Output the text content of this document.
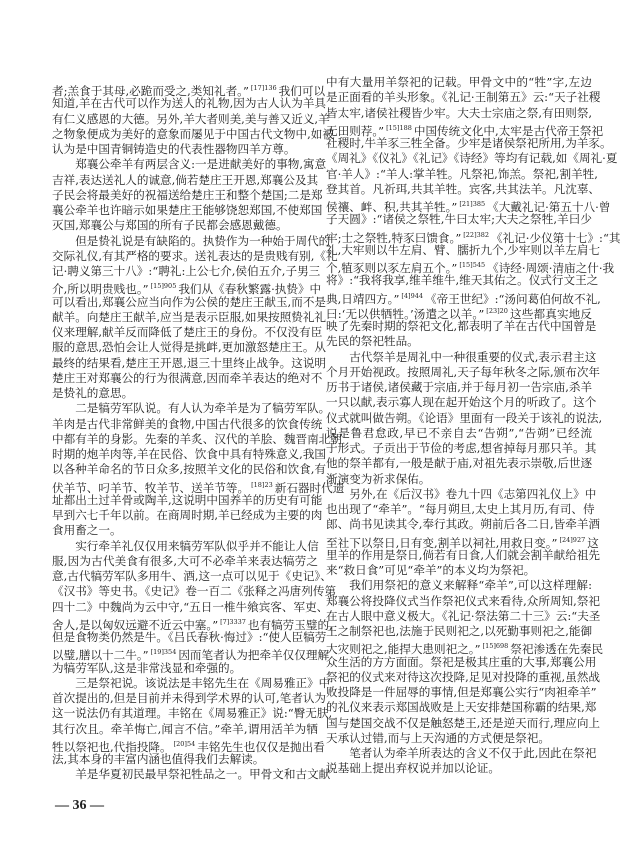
者;羔食于其母,必跪而受之,类知礼者。” $^{[17]136}$ 我们可以
知道,羊在古代可以作为送人的礼物,因为古人认为羊具
有仁义感恩的大德。另外,羊大者则美,美与善又近义,羊
之物象便成为美好的意象而屡见于中国古代文物中,如被
认为是中国青铜铸造史的代表性器物四羊方尊。
郑襄公牵羊有两层含义:一是进献美好的事物,寓意
吉祥,表达送礼人的诚意,倘若楚庄王开恩,郑襄公及其
子民会将最美好的祝福送给楚庄王和整个楚国;二是郑
襄公牵羊也许暗示如果楚庄王能够饶恕郑国,不使郑国
灭国,郑襄公与郑国的所有子民都会感恩戴德。
但是贽礼说是有缺陷的。执贽作为一种始于周代的
交际礼仪,有其严格的要求。送礼表达的是贵贱有别,《礼
记·聘义第三十八》:“聘礼:上公七介,侯伯五介,子男三
介,所以明贵贱也。” $^{[15]905}$ 我们从《春秋繁露·执贽》中
可以看出,郑襄公应当向作为公侯的楚庄王献玉,而不是
献羊。向楚庄王献羊,应当是表示臣服,如果按照贽礼礼
仪来理解,献羊反而降低了楚庄王的身份。不仅没有臣
服的意思,恐怕会让人觉得是挑衅,更加激怒楚庄王。从
最终的结果看,楚庄王开恩,退三十里终止战争。这说明
楚庄王对郑襄公的行为很满意,因而牵羊表达的绝对不
是贽礼的意思。
二是犒劳军队说。有人认为牵羊是为了犒劳军队。
羊肉是古代非常鲜美的食物,中国古代很多的饮食传统
中都有羊的身影。先秦的羊炙、汉代的羊脍、魏晋南北朝
时期的炮羊肉等,羊在民俗、饮食中具有特殊意义,我国
以各种羊命名的节日众多,按照羊文化的民俗和饮食,有
伏羊节、叼羊节、牧羊节、送羊节等。 $^{[18]23}$ 新石器时代遗
址都出土过羊骨或陶羊,这说明中国养羊的历史有可能
早到六七千年以前。在商周时期,羊已经成为主要的肉
食用畜之一。
实行牵羊礼仅仅用来犒劳军队似乎并不能让人信
服,因为古代美食有很多,大可不必牵羊来表达犒劳之
意,古代犒劳军队多用牛、酒,这一点可以见于《史记》、
《汉书》等史书。《史记》卷一百二《张释之冯唐列传第
四十二》中魏尚为云中守,“五日一椎牛飨宾客、军吏、
舍人,是以匈奴远避不近云中塞。” $^{[7]3337}$ 也有犒劳玉璧的,
但是食物类仍然是牛。《吕氏春秋·悔过》:“使人臣犒劳
以璧,膳以十二牛。” $^{[19]354}$ 因而笔者认为把牵羊仅仅理解
为犒劳军队,这是非常浅显和牵强的。
三是祭祀说。该说法是丰铭先生在《周易雅正》中
首次提出的,但是目前并未得到学术界的认可,笔者认为
这一说法仍有其道理。丰铭在《周易雅正》说:“臀无肤,
其行次且。牵羊悔亡,闻言不信。”牵羊,谓用活羊为牺
牲以祭祀也,代指投降。 $^{[20]54}$ 丰铭先生也仅仅是抛出看
法,其本身的丰富内涵也值得我们去解读。
羊是华夏初民最早祭祀牲品之一。甲骨文和古文献
中有大量用羊祭祀的记载。甲骨文中的“牲”字,左边
是正面看的羊头形象。《礼记·王制第五》云:“天子社稷
皆太牢,诸侯社稷皆少牢。大夫士宗庙之祭,有田则祭,
无田则荐。” $^{[15]188}$ 中国传统文化中,太牢是古代帝王祭祀
社稷时,牛羊豕三牲全备。少牢是诸侯祭祀所用,为羊豕。
《周礼》《仪礼》《礼记》《诗经》等均有记载,如《周礼·夏
官·羊人》:“羊人:掌羊牲。凡祭祀,饰羔。祭祀,割羊牲,
登其首。凡祈珥,共其羊牲。宾客,共其法羊。凡沈辜、
侯禳、衅、积,共其羊牲。” $^{[21]385}$ 《大戴礼记·第五十八·曾
子天圆》:“诸侯之祭牲,牛曰太牢;大夫之祭牲,羊曰少
牢;士之祭牲,特豕曰馈食。” $^{[22]382}$ 《礼记·少仪第十七》:“其
礼,大牢则以牛左肩、臂、臑折九个,少牢则以羊左肩七
个,犆豕则以豕左肩五个。” $^{[15]545}$ 《诗经·周颂·清庙之什·我
将》:“我将我享,维羊维牛,维天其佑之。仪式行文王之
典,日靖四方。” $^{[4]944}$ 《帝王世纪》:“汤问葛伯何故不礼,
曰:‘无以供牺牲。’汤遣之以羊。” $^{[23]20}$ 这些都真实地反
映了先秦时期的祭祀文化,都表明了羊在古代中国曾是
先民的祭祀牲品。
古代祭羊是周礼中一种很重要的仪式,表示君主这
个月开始视政。按照周礼,天子每年秋冬之际,颁布次年
历书于诸侯,诸侯藏于宗庙,并于每月初一告宗庙,杀羊
一只以献,表示寡人现在起开始这个月的听政了。这个
仪式就叫做告朔。《论语》里面有一段关于该礼的说法,
说是鲁君怠政,早已不亲自去“告朔”,“告朔”已经流
于形式。子贡出于节俭的考虑,想省掉每月那只羊。其
他的祭羊都有,一般是献于庙,对祖先表示崇敬,后世逐
渐演变为祈求保佑。
另外,在《后汉书》卷九十四《志第四礼仪上》中
也出现了“牵羊”。“每月朔旦,太史上其月历,有司、侍
郎、尚书见读其令,奉行其政。朔前后各二日,皆牵羊酒
至社下以祭日,日有变,割羊以祠社,用救日变。” $^{[24]927}$ 这
里羊的作用是祭日,倘若有日食,人们就会割羊献给祖先
来“救日食”可见“牵羊”的本义均为祭祀。
我们用祭祀的意义来解释“牵羊”,可以这样理解:
郑襄公将投降仪式当作祭祀仪式来看待,众所周知,祭祀
在古人眼中意义极大。《礼记·祭法第二十三》云:“夫圣
王之制祭祀也,法施于民则祀之,以死勤事则祀之,能御
大灾则祀之,能捍大患则祀之。” $^{[15]698}$ 祭祀渗透在先秦民
众生活的方方面面。祭祀是极其庄重的大事,郑襄公用
祭祀的仪式来对待这次投降,足见对投降的重视,虽然战
败投降是一件屈辱的事情,但是郑襄公实行“肉袒牵羊”
的礼仪来表示郑国战败是上天安排楚国称霸的结果,郑
国与楚国交战不仅是触怒楚王,还是逆天而行,理应向上
天承认过错,而与上天沟通的方式便是祭祀。
笔者认为牵羊所表达的含义不仅于此,因此在祭祀
说基础上提出弃权说并加以论证。
— 36 —
